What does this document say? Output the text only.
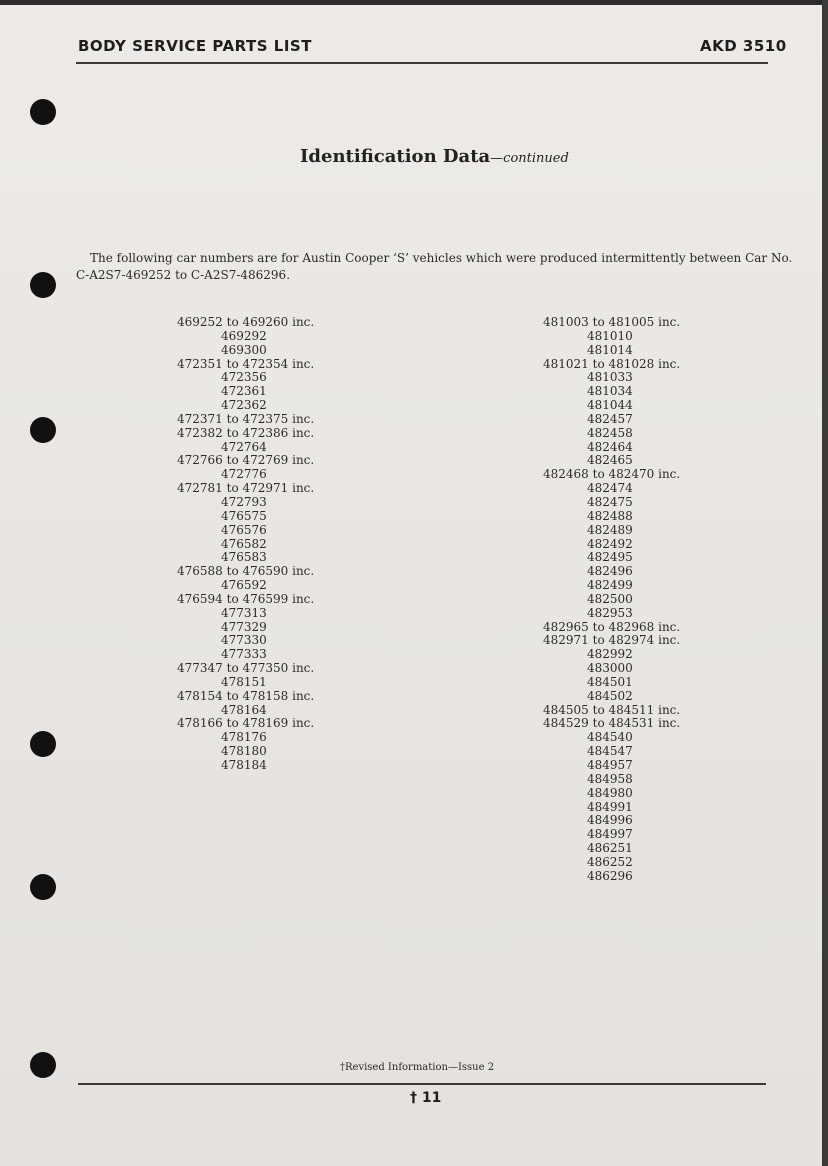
BODY SERVICE PARTS LIST	AKD 3510
Identification Data—continued
The following car numbers are for Austin Cooper ‘S’ vehicles which were produced intermittently between Car No.
C-A2S7-469252 to C-A2S7-486296.
469252 to 469260 inc.
469292
469300
472351 to 472354 inc.
472356
472361
472362
472371 to 472375 inc.
472382 to 472386 inc.
472764
472766 to 472769 inc.
472776
472781 to 472971 inc.
472793
476575
476576
476582
476583
476588 to 476590 inc.
476592
476594 to 476599 inc.
477313
477329
477330
477333
477347 to 477350 inc.
478151
478154 to 478158 inc.
478164
478166 to 478169 inc.
478176
478180
478184
481003 to 481005 inc.
481010
481014
481021 to 481028 inc.
481033
481034
481044
482457
482458
482464
482465
482468 to 482470 inc.
482474
482475
482488
482489
482492
482495
482496
482499
482500
482953
482965 to 482968 inc.
482971 to 482974 inc.
482992
483000
484501
484502
484505 to 484511 inc.
484529 to 484531 inc.
484540
484547
484957
484958
484980
484991
484996
484997
486251
486252
486296
†Revised Information—Issue 2
† 11
